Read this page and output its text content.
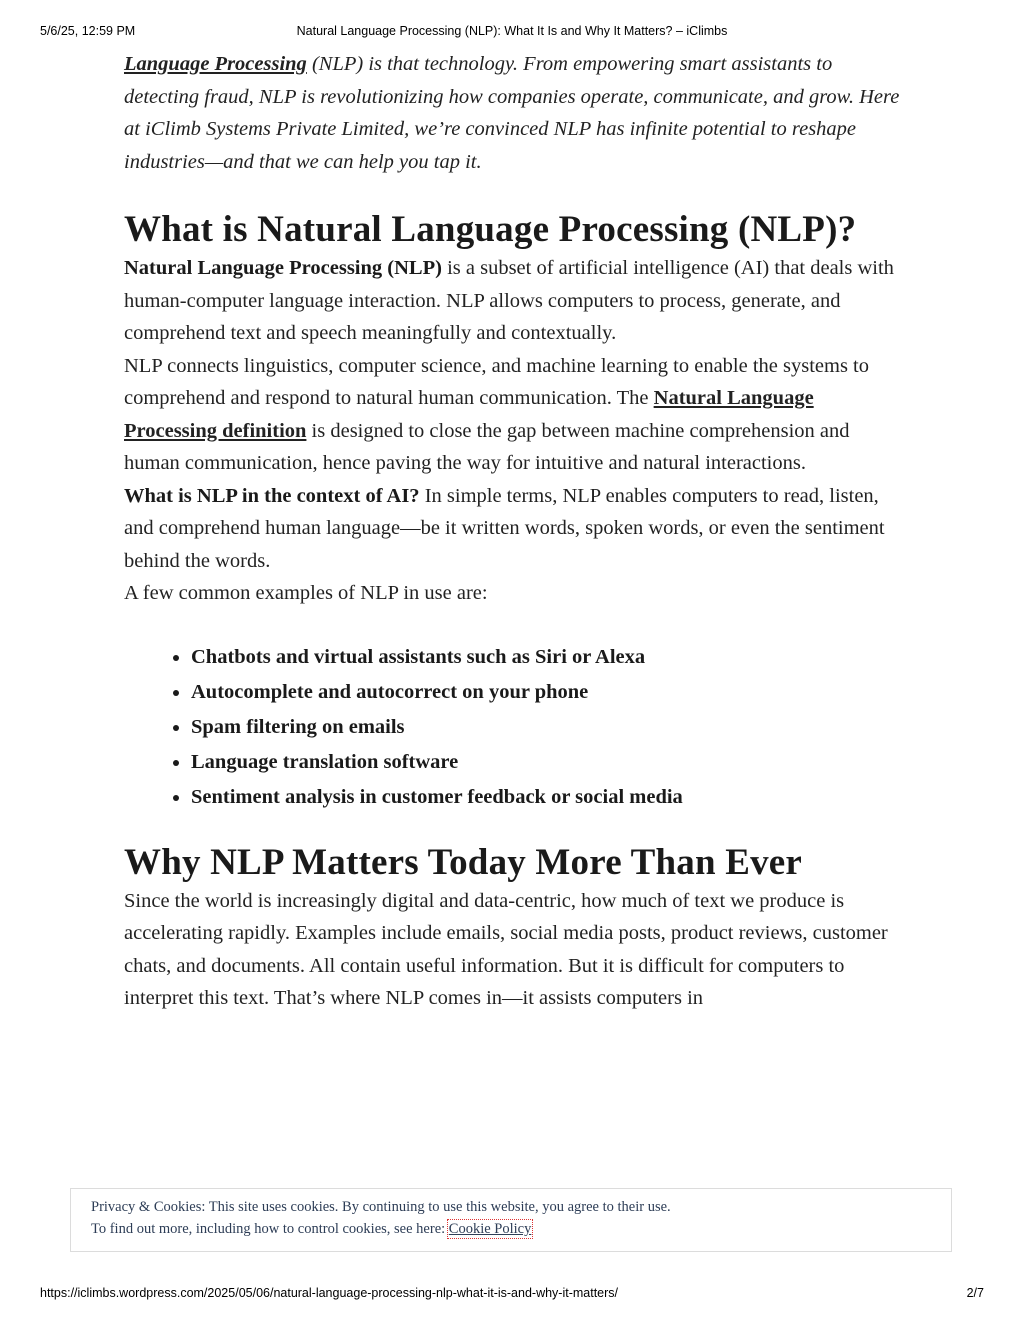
5/6/25, 12:59 PM	Natural Language Processing (NLP): What It Is and Why It Matters? – iClimbs

Language Processing (NLP) is that technology. From empowering smart assistants to detecting fraud, NLP is revolutionizing how companies operate, communicate, and grow. Here at iClimb Systems Private Limited, we’re convinced NLP has infinite potential to reshape industries—and that we can help you tap it.

What is Natural Language Processing (NLP)?

Natural Language Processing (NLP) is a subset of artificial intelligence (AI) that deals with human-computer language interaction. NLP allows computers to process, generate, and comprehend text and speech meaningfully and contextually.

NLP connects linguistics, computer science, and machine learning to enable the systems to comprehend and respond to natural human communication. The Natural Language Processing definition is designed to close the gap between machine comprehension and human communication, hence paving the way for intuitive and natural interactions.

What is NLP in the context of AI? In simple terms, NLP enables computers to read, listen, and comprehend human language—be it written words, spoken words, or even the sentiment behind the words.

A few common examples of NLP in use are:

• Chatbots and virtual assistants such as Siri or Alexa
• Autocomplete and autocorrect on your phone
• Spam filtering on emails
• Language translation software
• Sentiment analysis in customer feedback or social media
Why NLP Matters Today More Than Ever

Since the world is increasingly digital and data-centric, how much of text we produce is accelerating rapidly. Examples include emails, social media posts, product reviews, customer chats, and documents. All contain useful information. But it is difficult for computers to interpret this text. That’s where NLP comes in—it assists computers in

Privacy & Cookies: This site uses cookies. By continuing to use this website, you agree to their use.
To find out more, including how to control cookies, see here: Cookie Policy
https://iclimbs.wordpress.com/2025/05/06/natural-language-processing-nlp-what-it-is-and-why-it-matters/	2/7
